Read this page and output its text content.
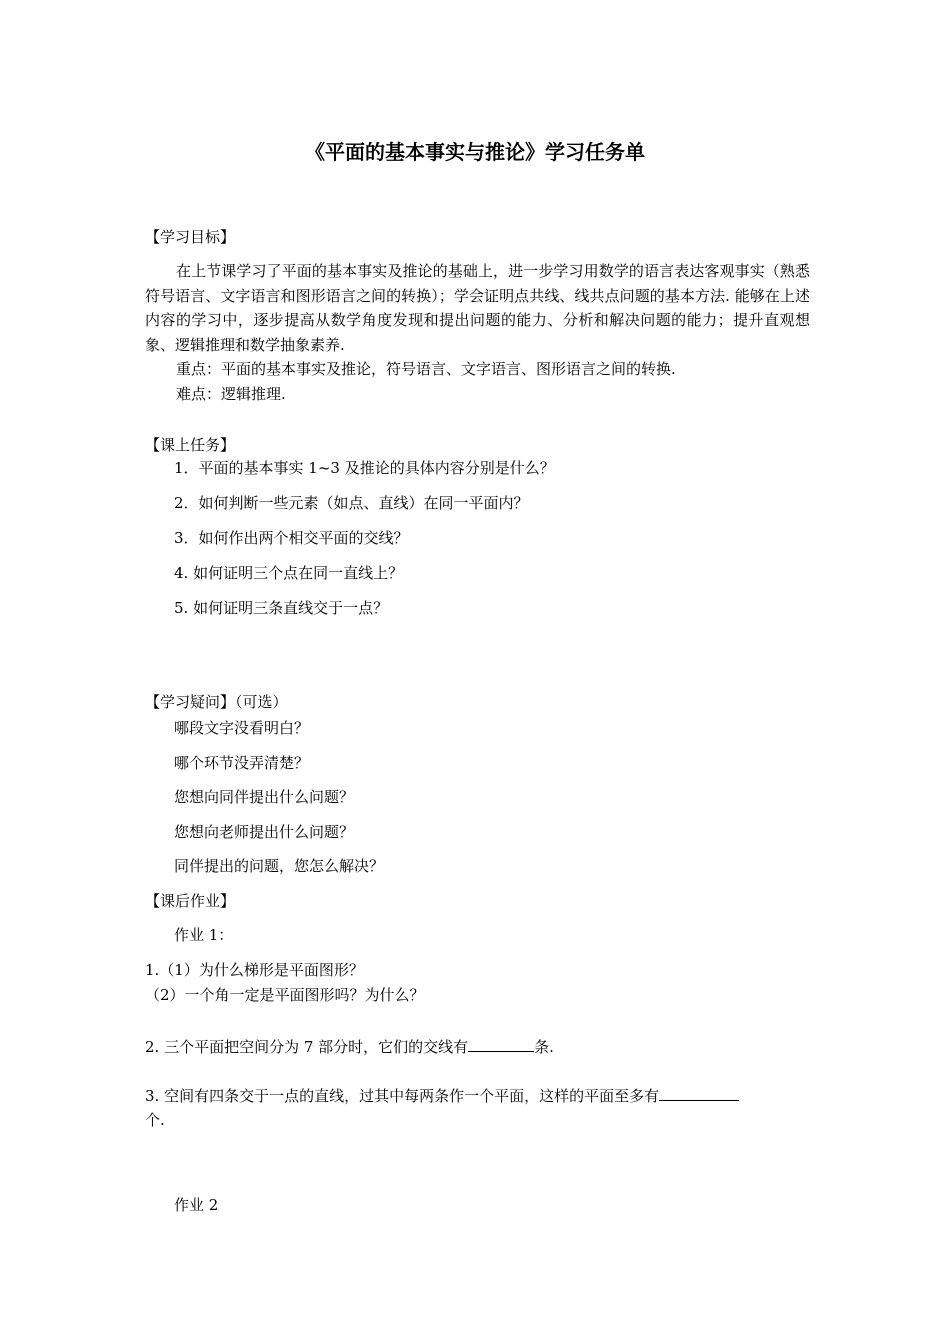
《平面的基本事实与推论》学习任务单
【学习目标】
在上节课学习了平面的基本事实及推论的基础上，进一步学习用数学的语言表达客观事实（熟悉符号语言、文字语言和图形语言之间的转换）；学会证明点共线、线共点问题的基本方法. 能够在上述内容的学习中，逐步提高从数学角度发现和提出问题的能力、分析和解决问题的能力；提升直观想象、逻辑推理和数学抽象素养.
重点：平面的基本事实及推论，符号语言、文字语言、图形语言之间的转换.
难点：逻辑推理.
【课上任务】
1．平面的基本事实 1~3 及推论的具体内容分别是什么？
2．如何判断一些元素（如点、直线）在同一平面内？
3．如何作出两个相交平面的交线？
4. 如何证明三个点在同一直线上？
5. 如何证明三条直线交于一点？
【学习疑问】（可选）
哪段文字没看明白？
哪个环节没弄清楚？
您想向同伴提出什么问题？
您想向老师提出什么问题？
同伴提出的问题，您怎么解决？
【课后作业】
作业 1：
1.（1）为什么梯形是平面图形？
（2）一个角一定是平面图形吗？为什么？
2. 三个平面把空间分为 7 部分时，它们的交线有	条.
3. 空间有四条交于一点的直线，过其中每两条作一个平面，这样的平面至多有
个.
作业 2
